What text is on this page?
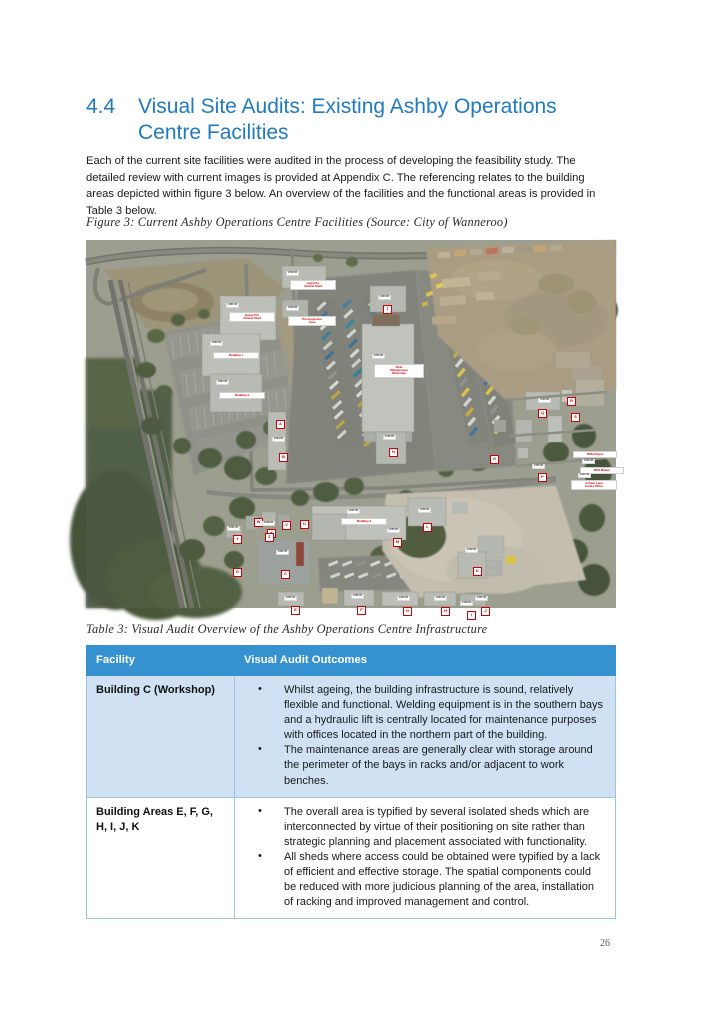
4.4	Visual Site Audits: Existing Ashby Operations Centre Facilities

Each of the current site facilities were audited in the process of developing the feasibility study. The detailed review with current images is provided at Appendix C. The referencing relates to the building areas depicted within figure 3 below. An overview of the facilities and the functional areas is provided in Table 3 below.

Figure 3: Current Ashby Operations Centre Facilities (Source: City of Wanneroo)
1302.00
Light Pre
Vehicle Shed
1301.00
Heavy Pre
Vehicle Shed
1323.00
Pre Inspection
Area
1303.00
Building 1
1302.00
Building 2
1250.00
Fleet
Maintenance
Workshop
1252.00
Building 3
RSS Project
1345.00
RSS Master
1341.00
Ashton Lane
Centre Office
A
1344.00
B
1351.00
C
D
1255.00
E
1256.00
F
1254.00
G
1254.00
H
1448.00
I
1347.00
J
1252.00
K
1256.00
L
1255.00
M
1250.00
N
O
1325.00
P
1250.00
Q
R
S
1324.00
T
U
V
W	1348.00
1251.00
Y	Z
Table 3: Visual Audit Overview of the Ashby Operations Centre Infrastructure
Facility	Visual Audit Outcomes
Building C (Workshop)	
•Whilst ageing, the building infrastructure is sound, relatively flexible and functional. Welding equipment is in the southern bays and a hydraulic lift is centrally located for maintenance purposes with offices located in the northern part of the building.
• The maintenance areas are generally clear with storage around the perimeter of the bays in racks and/or adjacent to work benches.

Building Areas E, F, G, H, I, J, K	
• The overall area is typified by several isolated sheds which are interconnected by virtue of their positioning on site rather than strategic planning and placement associated with functionality.
• All sheds where access could be obtained were typified by a lack of efficient and effective storage. The spatial components could be reduced with more judicious planning of the area, installation of racking and improved management and control.
26
